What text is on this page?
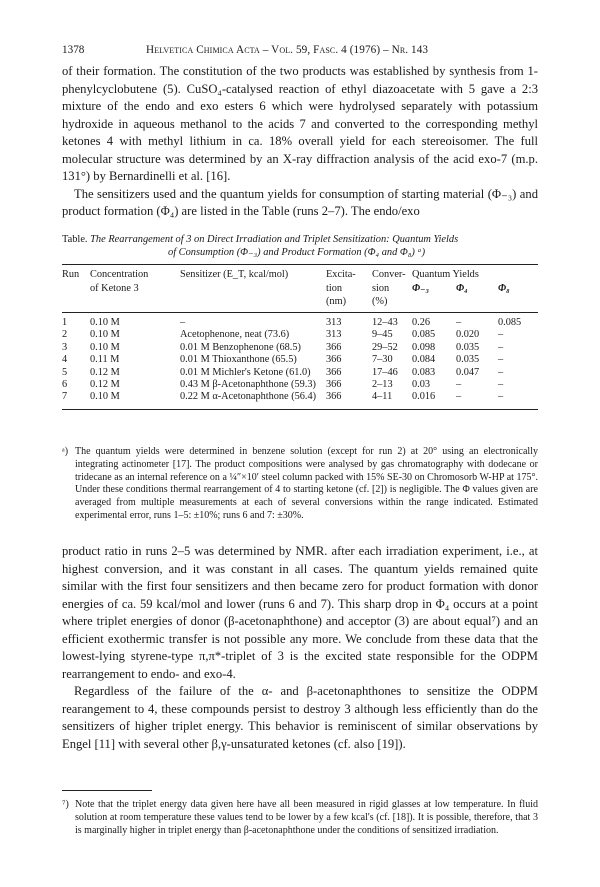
1378	Helvetica Chimica Acta – Vol. 59, Fasc. 4 (1976) – Nr. 143

of their formation. The constitution of the two products was established by synthesis from 1-phenylcyclobutene (5). CuSO₄-catalysed reaction of ethyl diazoacetate with 5 gave a 2:3 mixture of the endo and exo esters 6 which were hydrolysed separately with potassium hydroxide in aqueous methanol to the acids 7 and converted to the corresponding methyl ketones 4 with methyl lithium in ca. 18% overall yield for each stereoisomer. The full molecular structure was determined by an X-ray diffraction analysis of the acid exo-7 (m.p. 131°) by Bernardinelli et al. [16].

The sensitizers used and the quantum yields for consumption of starting material (Φ₋₃) and product formation (Φ₄) are listed in the Table (runs 2–7). The endo/exo

Table. The Rearrangement of 3 on Direct Irradiation and Triplet Sensitization: Quantum Yields
of Consumption (Φ₋₃) and Product Formation (Φ₄ and Φ₈) ᵃ)
Run	Concentration	Sensitizer (E_T, kcal/mol)	Excita-	Conver-	Quantum Yields		
	of Ketone 3		tion	sion	Φ₋₃	Φ₄	Φ₈
			(nm)	(%)			
1	0.10 M	–	313	12–43	0.26	–	0.085
2	0.10 M	Acetophenone, neat (73.6)	313	9–45	0.085	0.020	–
3	0.10 M	0.01 M Benzophenone (68.5)	366	29–52	0.098	0.035	–
4	0.11 M	0.01 M Thioxanthone (65.5)	366	7–30	0.084	0.035	–
5	0.12 M	0.01 M Michler's Ketone (61.0)	366	17–46	0.083	0.047	–
6	0.12 M	0.43 M β-Acetonaphthone (59.3)	366	2–13	0.03	–	–
7	0.10 M	0.22 M α-Acetonaphthone (56.4)	366	4–11	0.016	–	–
ᵃ) The quantum yields were determined in benzene solution (except for run 2) at 20° using an electronically integrating actinometer [17]. The product compositions were analysed by gas chromatography with dodecane or tridecane as an internal reference on a ¼″×10′ steel column packed with 15% SE-30 on Chromosorb W-HP at 175°. Under these conditions thermal rearrangement of 4 to starting ketone (cf. [2]) is negligible. The Φ values given are averaged from multiple measurements at each of several conversions within the range indicated. Estimated experimental error, runs 1–5: ±10%; runs 6 and 7: ±30%.

product ratio in runs 2–5 was determined by NMR. after each irradiation experiment, i.e., at highest conversion, and it was constant in all cases. The quantum yields remained quite similar with the first four sensitizers and then became zero for product formation with donor energies of ca. 59 kcal/mol and lower (runs 6 and 7). This sharp drop in Φ₄ occurs at a point where triplet energies of donor (β-acetonaphthone) and acceptor (3) are about equal⁷) and an efficient exothermic transfer is not possible any more. We conclude from these data that the lowest-lying styrene-type π,π*-triplet of 3 is the excited state responsible for the ODPM rearrangement to endo- and exo-4.

Regardless of the failure of the α- and β-acetonaphthones to sensitize the ODPM rearangement to 4, these compounds persist to destroy 3 although less efficiently than do the sensitizers of higher triplet energy. This behavior is reminiscent of similar observations by Engel [11] with several other β,γ-unsaturated ketones (cf. also [19]).

⁷) Note that the triplet energy data given here have all been measured in rigid glasses at low temperature. In fluid solution at room temperature these values tend to be lower by a few kcal's (cf. [18]). It is possible, therefore, that 3 is marginally higher in triplet energy than β-acetonaphthone under the conditions of sensitized irradiation.
